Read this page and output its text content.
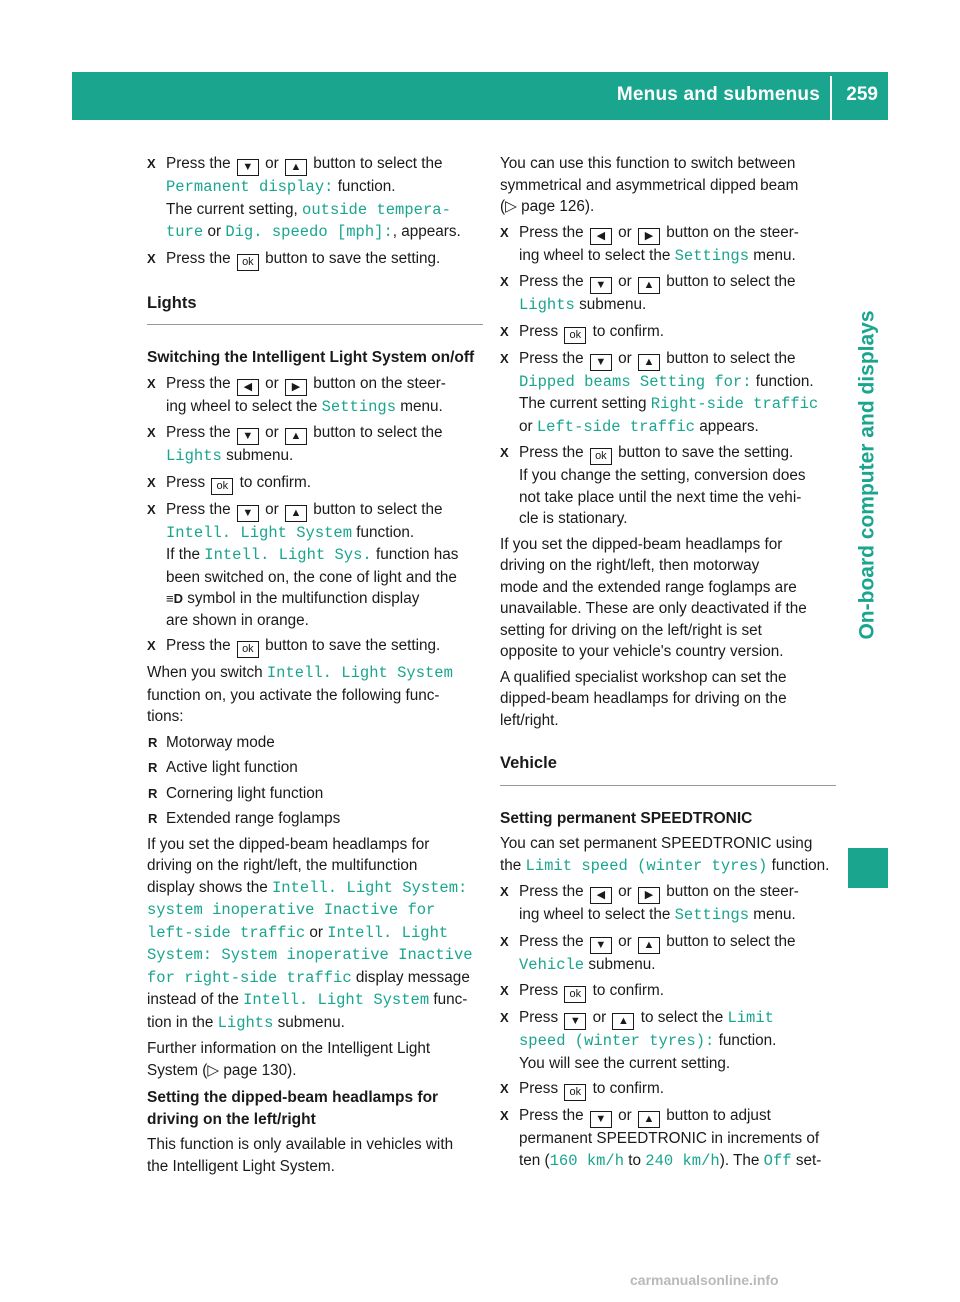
Menus and submenus 259
On-board computer and displays
X Press the ▼ or ▲ button to select the
Permanent display: function.
The current setting, outside tempera‐
ture or Dig. speedo [mph]:, appears.
X Press the ok button to save the setting.
Lights
Switching the Intelligent Light System on/off
X Press the ◀ or ▶ button on the steer-
ing wheel to select the Settings menu.
X Press the ▼ or ▲ button to select the
Lights submenu.
X Press ok to confirm.
X Press the ▼ or ▲ button to select the
Intell. Light System function.
If the Intell. Light Sys. function has
been switched on, the cone of light and the
≡D symbol in the multifunction display
are shown in orange.
X Press the ok button to save the setting.

When you switch Intell. Light System
function on, you activate the following func-
tions:

R Motorway mode
R Active light function
R Cornering light function
R Extended range foglamps

If you set the dipped-beam headlamps for
driving on the right/left, the multifunction
display shows the Intell. Light System:
system inoperative Inactive for
left-side traffic or Intell. Light
System: System inoperative Inactive
for right-side traffic display message
instead of the Intell. Light System func-
tion in the Lights submenu.

Further information on the Intelligent Light
System (▷ page 130).

Setting the dipped-beam headlamps for driving on the left/right

This function is only available in vehicles with
the Intelligent Light System.

You can use this function to switch between
symmetrical and asymmetrical dipped beam
(▷ page 126).

X Press the ◀ or ▶ button on the steer-
ing wheel to select the Settings menu.
X Press the ▼ or ▲ button to select the
Lights submenu.
X Press ok to confirm.
X Press the ▼ or ▲ button to select the
Dipped beams Setting for: function.
The current setting Right-side traffic
or Left-side traffic appears.
X Press the ok button to save the setting.
If you change the setting, conversion does
not take place until the next time the vehi-
cle is stationary.

If you set the dipped-beam headlamps for
driving on the right/left, then motorway
mode and the extended range foglamps are
unavailable. These are only deactivated if the
setting for driving on the left/right is set
opposite to your vehicle's country version.

A qualified specialist workshop can set the
dipped-beam headlamps for driving on the
left/right.

Vehicle
Setting permanent SPEEDTRONIC

You can set permanent SPEEDTRONIC using
the Limit speed (winter tyres) function.

X Press the ◀ or ▶ button on the steer-
ing wheel to select the Settings menu.
X Press the ▼ or ▲ button to select the
Vehicle submenu.
X Press ok to confirm.
X Press ▼ or ▲ to select the Limit
speed (winter tyres): function.
You will see the current setting.
X Press ok to confirm.
X Press the ▼ or ▲ button to adjust
permanent SPEEDTRONIC in increments of
ten (160 km/h to 240 km/h). The Off set-
carmanualsonline.info
